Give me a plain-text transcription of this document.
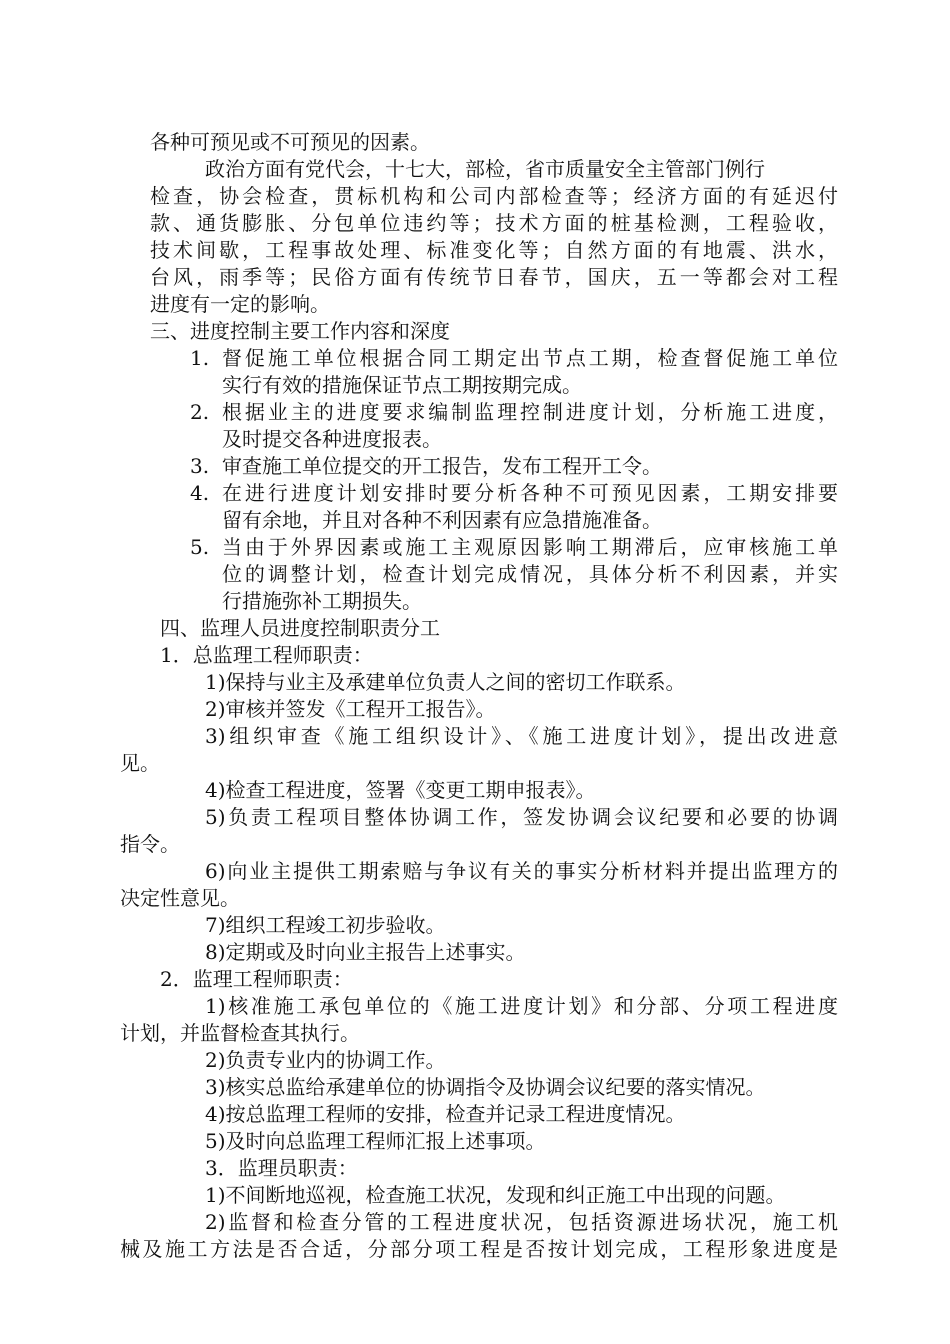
各种可预见或不可预见的因素。

政治方面有党代会，十七大，部检，省市质量安全主管部门例行

检查，协会检查，贯标机构和公司内部检查等；经济方面的有延迟付

款、通货膨胀、分包单位违约等；技术方面的桩基检测，工程验收，

技术间歇，工程事故处理、标准变化等；自然方面的有地震、洪水，

台风，雨季等；民俗方面有传统节日春节，国庆，五一等都会对工程

进度有一定的影响。

三、进度控制主要工作内容和深度

1. 督促施工单位根据合同工期定出节点工期，检查督促施工单位

实行有效的措施保证节点工期按期完成。

2. 根据业主的进度要求编制监理控制进度计划，分析施工进度，

及时提交各种进度报表。

3. 审查施工单位提交的开工报告，发布工程开工令。

4. 在进行进度计划安排时要分析各种不可预见因素，工期安排要

留有余地，并且对各种不利因素有应急措施准备。

5. 当由于外界因素或施工主观原因影响工期滞后，应审核施工单

位的调整计划，检查计划完成情况，具体分析不利因素，并实

行措施弥补工期损失。

四、监理人员进度控制职责分工

1．总监理工程师职责：

1)保持与业主及承建单位负责人之间的密切工作联系。

2)审核并签发《工程开工报告》。

3)组织审查《施工组织设计》、《施工进度计划》，提出改进意

见。

4)检查工程进度，签署《变更工期申报表》。

5)负责工程项目整体协调工作，签发协调会议纪要和必要的协调

指令。

6)向业主提供工期索赔与争议有关的事实分析材料并提出监理方的

决定性意见。

7)组织工程竣工初步验收。

8)定期或及时向业主报告上述事实。

2．监理工程师职责：

1)核准施工承包单位的《施工进度计划》和分部、分项工程进度

计划，并监督检查其执行。

2)负责专业内的协调工作。

3)核实总监给承建单位的协调指令及协调会议纪要的落实情况。

4)按总监理工程师的安排，检查并记录工程进度情况。

5)及时向总监理工程师汇报上述事项。

3．监理员职责：

1)不间断地巡视，检查施工状况，发现和纠正施工中出现的问题。

2)监督和检查分管的工程进度状况，包括资源进场状况，施工机

械及施工方法是否合适，分部分项工程是否按计划完成，工程形象进度是
